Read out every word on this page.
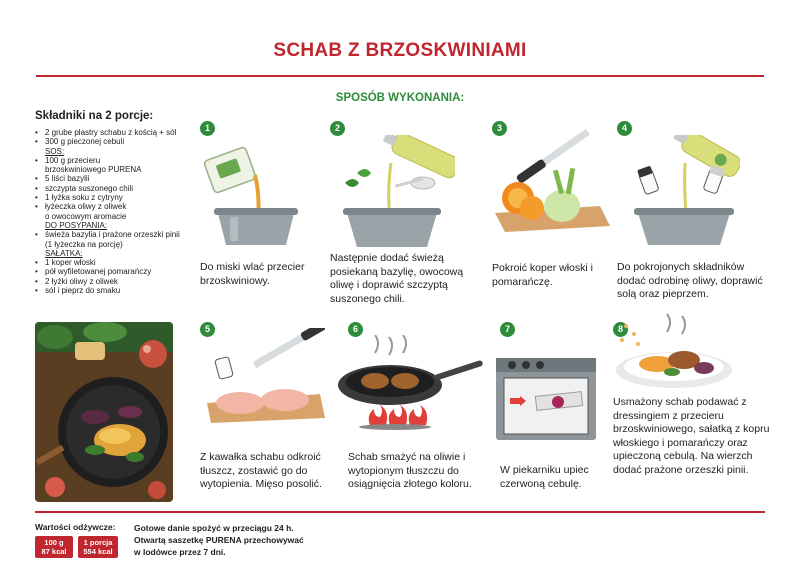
SCHAB Z BRZOSKWINIAMI
SPOSÓB WYKONANIA:
Składniki na 2 porcje:
• 2 grube plastry schabu z kością + sól
• 300 g pieczonej cebuli
SOS:
• 100 g przecieru
brzoskwiniowego PURENA
• 5 liści bazylii
• szczypta suszonego chili
• 1 łyżka soku z cytryny
• łyżeczka oliwy z oliwek
o owocowym aromacie
DO POSYPANIA:
• świeża bazylia i prażone orzeszki pinii
(1 łyżeczka na porcję)
SAŁATKA:
• 1 koper włoski
• pół wyfiletowanej pomarańczy
• 2 łyżki oliwy z oliwek
• sól i pieprz do smaku
1	2	3	4
5	6	7	8
Do miski wlać przecier brzoskwiniowy.
Następnie dodać świeżą posiekaną bazylię, owocową oliwę i doprawić szczyptą suszonego chili.
Pokroić koper włoski i pomarańczę.
Do pokrojonych składników dodać odrobinę oliwy, doprawić solą oraz pieprzem.
Z kawałka schabu odkroić tłuszcz, zostawić go do wytopienia. Mięso posolić.
Schab smażyć na oliwie i wytopionym tłuszczu do osiągnięcia złotego koloru.
W piekarniku upiec czerwoną cebulę.
Usmażony schab podawać z dressingiem z przecieru brzoskwiniowego, sałatką z kopru włoskiego i pomarańczy oraz upieczoną cebulą. Na wierzch dodać prażone orzeszki pinii.
Wartości odżywcze:
100 g
87 kcal
1 porcja
554 kcal
Gotowe danie spożyć w przeciągu 24 h.
Otwartą saszetkę PURENA przechowywać
w lodówce przez 7 dni.
